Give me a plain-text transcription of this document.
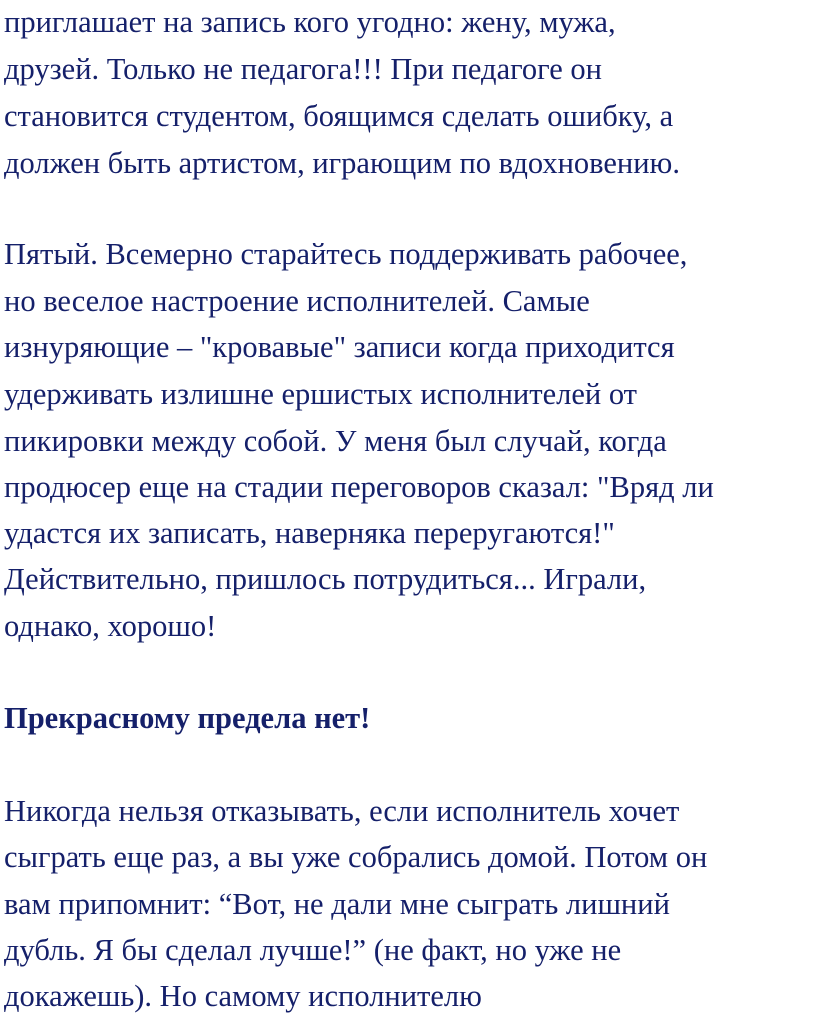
приглашает на запись кого угодно: жену, мужа,

друзей. Только не педагога!!! При педагоге он

становится студентом, боящимся сделать ошибку, а

должен быть артистом, играющим по вдохновению.

Пятый. Всемерно старайтесь поддерживать рабочее,

но веселое настроение исполнителей. Самые

изнуряющие – "кровавые" записи когда приходится

удерживать излишне ершистых исполнителей от

пикировки между собой. У меня был случай, когда

продюсер еще на стадии переговоров сказал: "Вряд ли

удастся их записать, наверняка переругаются!"

Действительно, пришлось потрудиться... Играли,

однако, хорошо!

Прекрасному предела нет!

Никогда нельзя отказывать, если исполнитель хочет

сыграть еще раз, а вы уже собрались домой. Потом он

вам припомнит: “Вот, не дали мне сыграть лишний

дубль. Я бы сделал лучше!” (не факт, но уже не

докажешь). Но самому исполнителю
